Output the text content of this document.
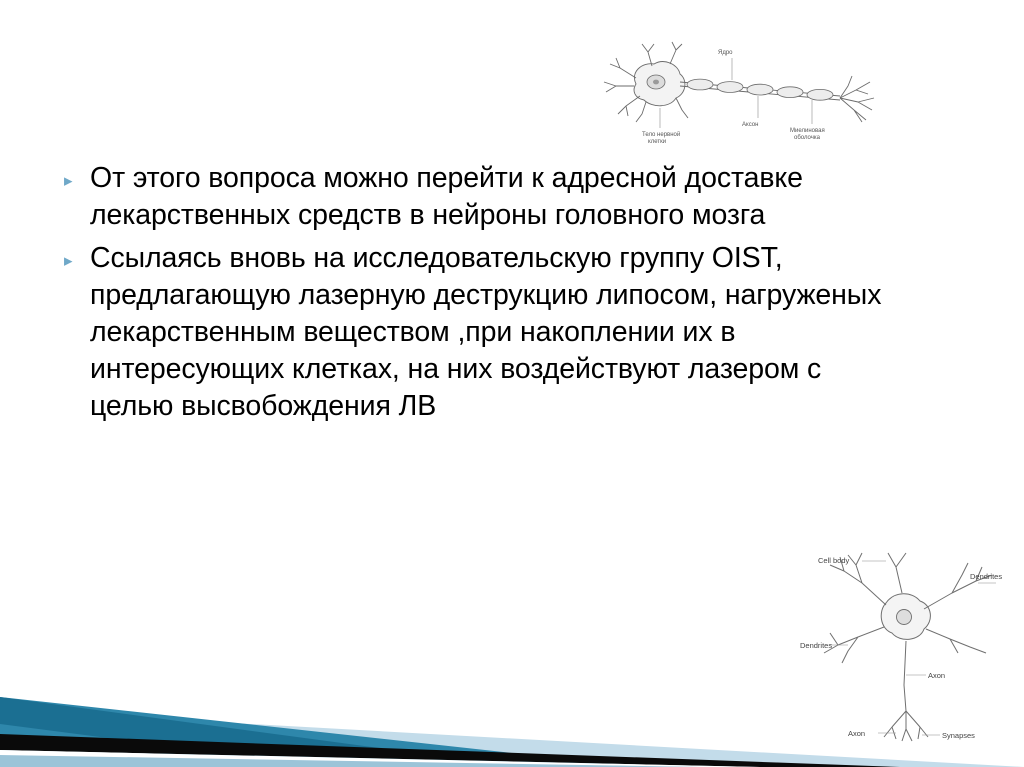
Тело нервной
клетки
Аксон
Миелиновая
оболочка
Ядро
▸ От этого вопроса можно перейти к адресной доставке лекарственных средств в нейроны головного мозга
▸ Ссылаясь вновь на исследовательскую группу OIST, предлагающую лазерную деструкцию липосом, нагруженых лекарственным веществом ,при накоплении их в интересующих клетках, на них воздействуют лазером с целью высвобождения ЛВ
Cell body
Dendrites
Dendrites
Axon
Axon	Synapses
